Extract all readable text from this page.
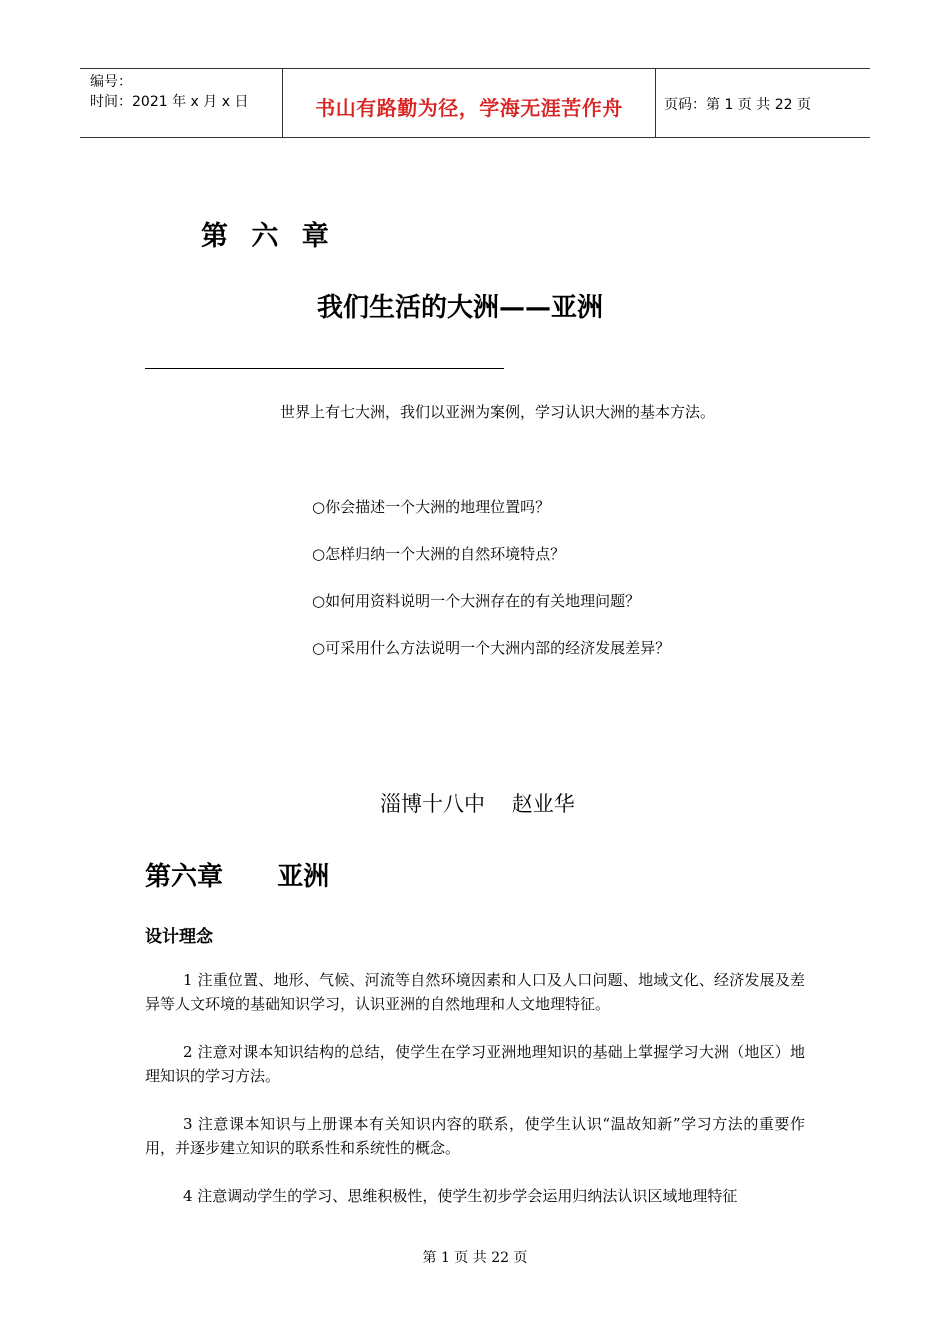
编号：
时间：2021 年 x 月 x 日	书山有路勤为径，学海无涯苦作舟	页码：第 1 页 共 22 页
第 六 章
我们生活的大洲——亚洲
世界上有七大洲，我们以亚洲为案例，学习认识大洲的基本方法。
○你会描述一个大洲的地理位置吗？
○怎样归纳一个大洲的自然环境特点？
○如何用资料说明一个大洲存在的有关地理问题？
○可采用什么方法说明一个大洲内部的经济发展差异？
淄博十八中    赵业华
第六章      亚洲
设计理念
1 注重位置、地形、气候、河流等自然环境因素和人口及人口问题、地域文化、经济发展及差异等人文环境的基础知识学习，认识亚洲的自然地理和人文地理特征。
2 注意对课本知识结构的总结，使学生在学习亚洲地理知识的基础上掌握学习大洲（地区）地理知识的学习方法。
3 注意课本知识与上册课本有关知识内容的联系，使学生认识“温故知新”学习方法的重要作用，并逐步建立知识的联系性和系统性的概念。
4 注意调动学生的学习、思维积极性，使学生初步学会运用归纳法认识区域地理特征
第 1 页 共 22 页
